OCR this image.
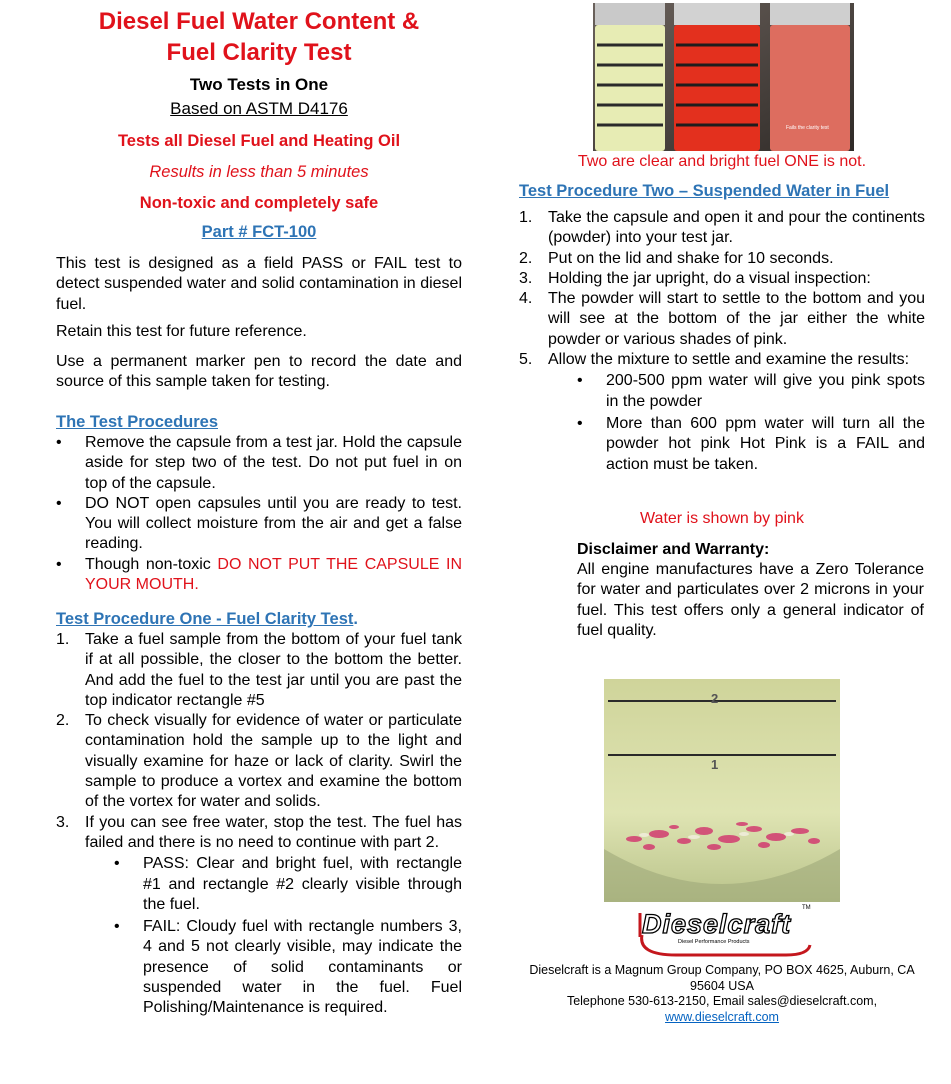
Diesel Fuel Water Content &
Fuel Clarity Test
Two Tests in One
Based on ASTM D4176
Tests all Diesel Fuel and Heating Oil
Results in less than 5 minutes
Non-toxic and completely safe
Part # FCT-100

This test is designed as a field PASS or FAIL test to detect suspended water and solid contamination in diesel fuel.

Retain this test for future reference.

Use a permanent marker pen to record the date and source of this sample taken for testing.

The Test Procedures
•	Remove the capsule from a test jar. Hold the capsule aside for step two of the test. Do not put fuel in on top of the capsule.
•	DO NOT open capsules until you are ready to test. You will collect moisture from the air and get a false reading.
•	Though non-toxic DO NOT PUT THE CAPSULE IN YOUR MOUTH.
Test Procedure One - Fuel Clarity Test.
1. Take a fuel sample from the bottom of your fuel tank if at all possible, the closer to the bottom the better. And add the fuel to the test jar until you are past the top indicator rectangle #5
2. To check visually for evidence of water or particulate contamination hold the sample up to the light and visually examine for haze or lack of clarity. Swirl the sample to produce a vortex and examine the bottom of the vortex for water and solids.
3. If you can see free water, stop the test. The fuel has failed and there is no need to continue with part 2.
•	PASS: Clear and bright fuel, with rectangle #1 and rectangle #2 clearly visible through the fuel.
•	FAIL: Cloudy fuel with rectangle numbers 3, 4 and 5 not clearly visible, may indicate the presence of solid contaminants or suspended water in the fuel. Fuel Polishing/Maintenance is required.
Fails the clarity test
Two are clear and bright fuel ONE is not.
Test Procedure Two – Suspended Water in Fuel
1. Take the capsule and open it and pour the continents (powder) into your test jar.
2. Put on the lid and shake for 10 seconds.
3. Holding the jar upright, do a visual inspection:
4. The powder will start to settle to the bottom and you will see at the bottom of the jar either the white powder or various shades of pink.
5. Allow the mixture to settle and examine the results:
•	200-500 ppm water will give you pink spots in the powder
•	More than 600 ppm water will turn all the powder hot pink Hot Pink is a FAIL and action must be taken.
Water is shown by pink
Disclaimer and Warranty:

All engine manufactures have a Zero Tolerance for water and particulates over 2 microns in your fuel. This test offers only a general indicator of fuel quality.

2
1
Dieselcraft
Diesel Performance Products
TM
Dieselcraft is a Magnum Group Company, PO BOX 4625, Auburn, CA 95604 USA
Telephone 530-613-2150, Email sales@dieselcraft.com,
www.dieselcraft.com
